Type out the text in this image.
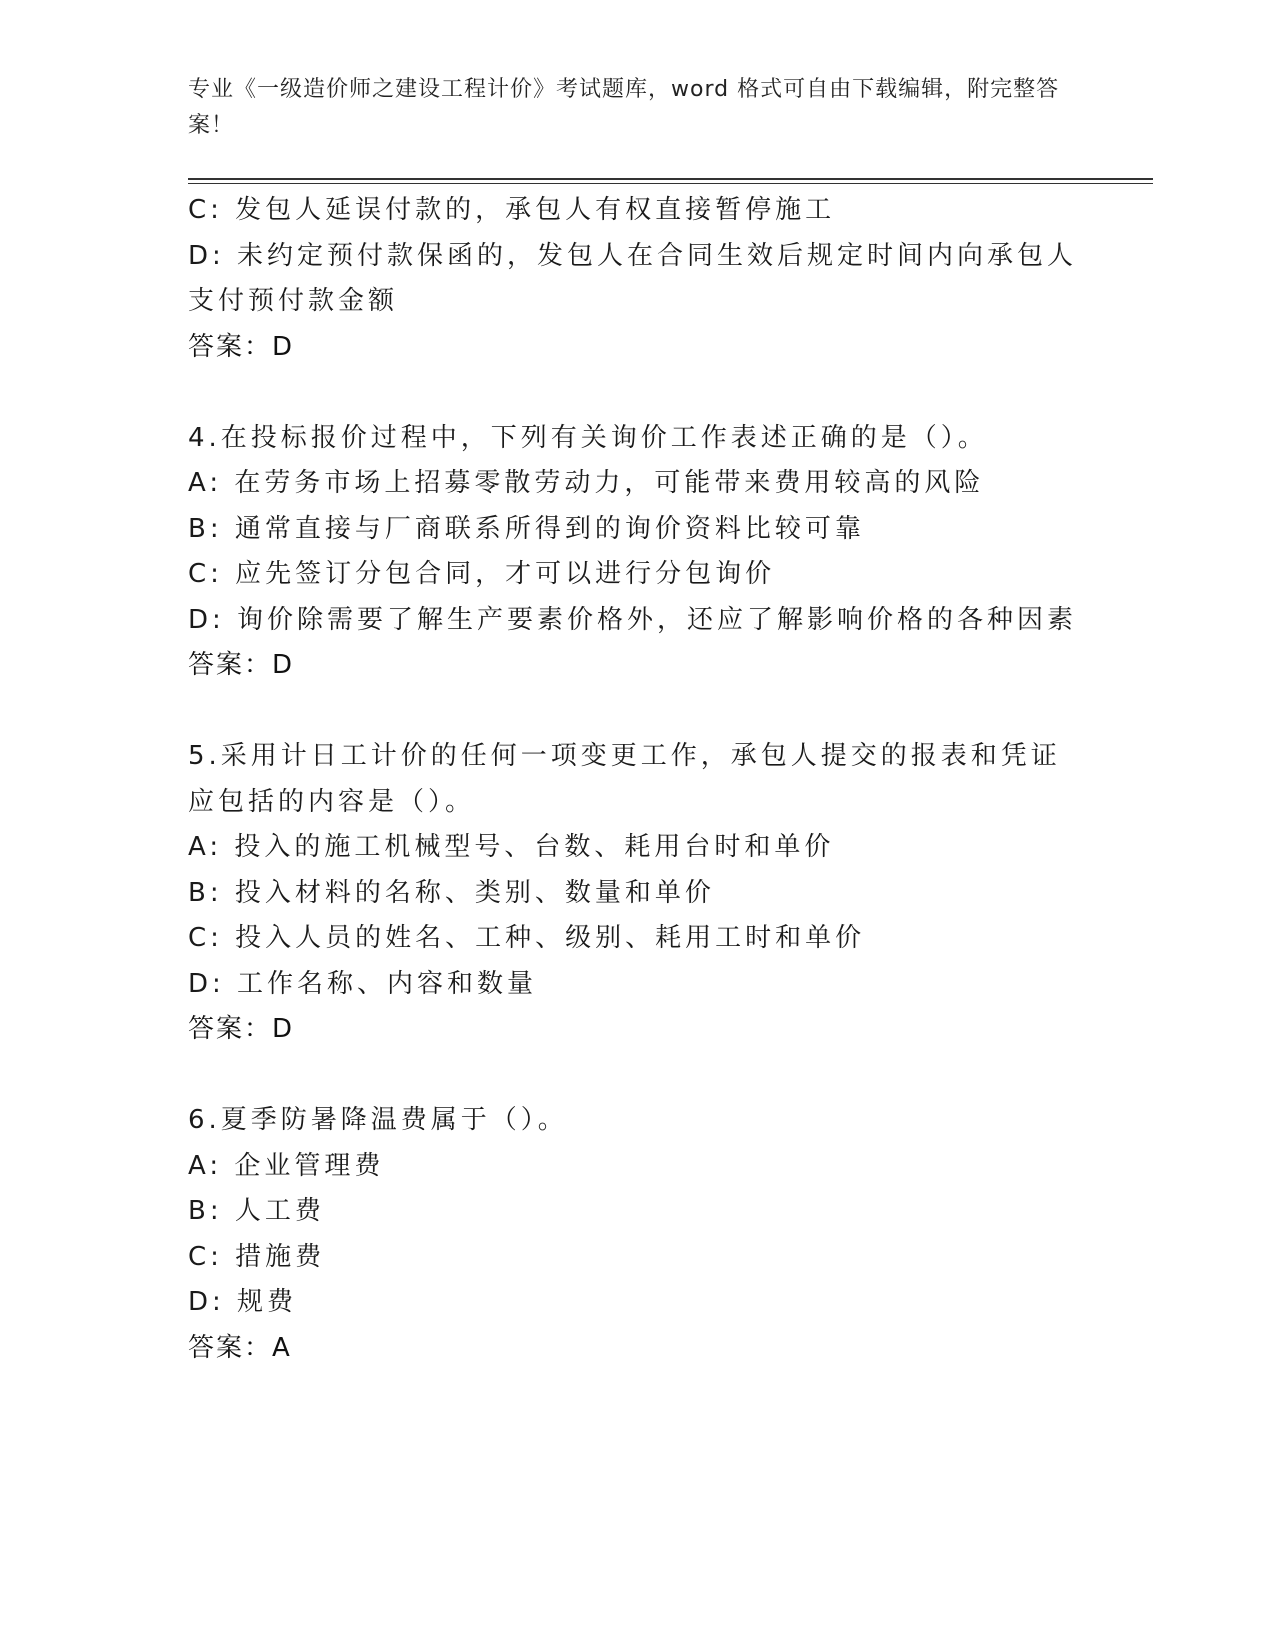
专业《一级造价师之建设工程计价》考试题库，word 格式可自由下载编辑，附完整答案！
C: 发包人延误付款的，承包人有权直接暂停施工
D: 未约定预付款保函的，发包人在合同生效后规定时间内向承包人支付预付款金额
答案：D
4.在投标报价过程中，下列有关询价工作表述正确的是（）。
A: 在劳务市场上招募零散劳动力，可能带来费用较高的风险
B: 通常直接与厂商联系所得到的询价资料比较可靠
C: 应先签订分包合同，才可以进行分包询价
D: 询价除需要了解生产要素价格外，还应了解影响价格的各种因素
答案：D
5.采用计日工计价的任何一项变更工作，承包人提交的报表和凭证应包括的内容是（）。
A: 投入的施工机械型号、台数、耗用台时和单价
B: 投入材料的名称、类别、数量和单价
C: 投入人员的姓名、工种、级别、耗用工时和单价
D: 工作名称、内容和数量
答案：D
6.夏季防暑降温费属于（）。
A: 企业管理费
B: 人工费
C: 措施费
D: 规费
答案：A
